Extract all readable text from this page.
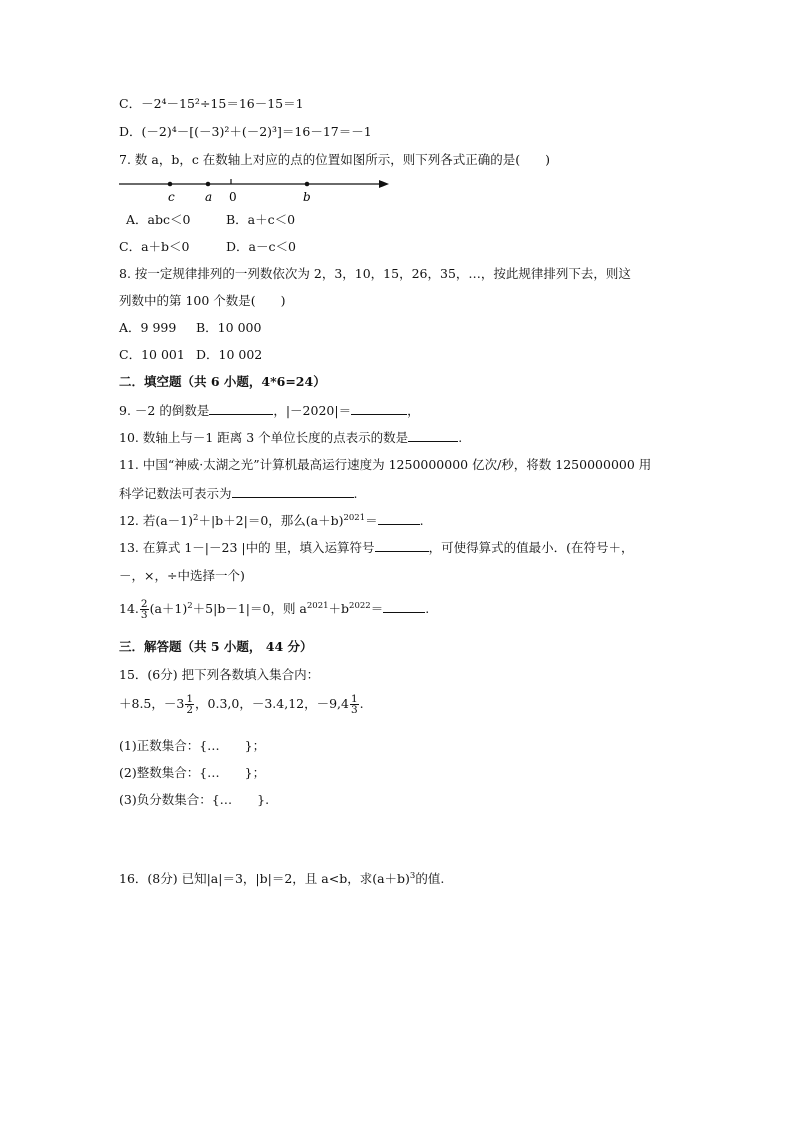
C．－2⁴－15²÷15＝16－15＝1
D．(－2)⁴－[(－3)²＋(－2)³]＝16－17＝－1
7. 数 a，b，c 在数轴上对应的点的位置如图所示，则下列各式正确的是(　　)
c	a 0	b
A．abc＜0	B．a＋c＜0
C．a＋b＜0	D．a－c＜0
8. 按一定规律排列的一列数依次为 2，3，10，15，26，35，…，按此规律排列下去，则这
列数中的第 100 个数是(　　)
A．9 999 B．10 000
C．10 001 D．10 002
二．填空题（共 6 小题，4*6=24）
9. －2 的倒数是	，|－2020|＝	，
10. 数轴上与－1 距离 3 个单位长度的点表示的数是	.
11. 中国“神威·太湖之光”计算机最高运行速度为 1250000000 亿次/秒，将数 1250000000 用
科学记数法可表示为	.
12. 若$(a-1)^2+|b+2|=0$，那么$(a+b)^{2021}=$	.
13. 在算式 1－|－23 |中的 里，填入运算符号	，可使得算式的值最小．(在符号＋，
－，×，÷中选择一个)
14. $\frac{2}{3} (a+1)^2+5|b-1|=0$，则 $a^{2021}+b^{2022}=$	.
三．解答题（共 5 小题， 44 分）
15．(6分) 把下列各数填入集合内：
＋8.5，$-3 \frac{1}{2}$ ，0.3,0，－3.4,12，$-9,4 \frac{1}{3}$ .
(1)正数集合：{…　　}；
(2)整数集合：{…　　}；
(3)负分数集合：{…　　}.
16．(8分) 已知|a|＝3，|b|＝2，且 a<b，求$(a+b)^3$的值.
